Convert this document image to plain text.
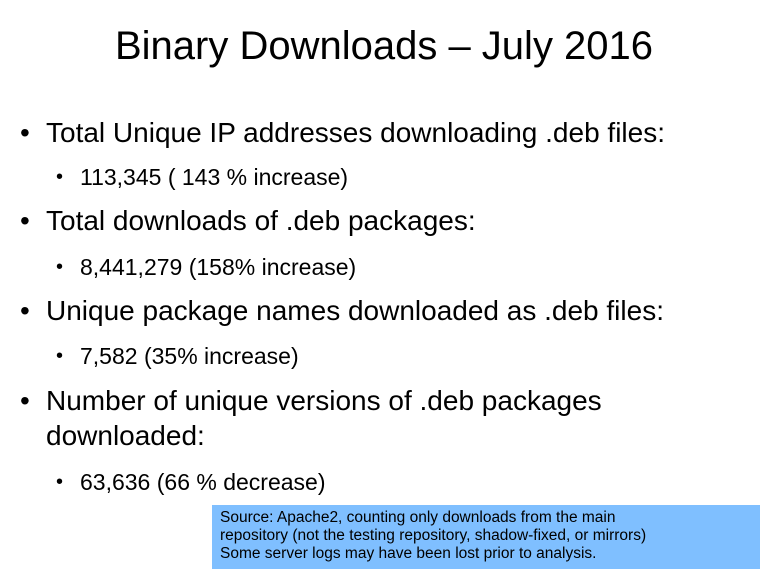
Binary Downloads – July 2016
• Total Unique IP addresses downloading .deb files:
• 113,345 ( 143 % increase)
• Total downloads of .deb packages:
• 8,441,279 (158% increase)
• Unique package names downloaded as .deb files:
• 7,582 (35% increase)
• Number of unique versions of .deb packages
downloaded:
• 63,636 (66 % decrease)
Source: Apache2, counting only downloads from the main
repository (not the testing repository, shadow-fixed, or mirrors)
Some server logs may have been lost prior to analysis.
